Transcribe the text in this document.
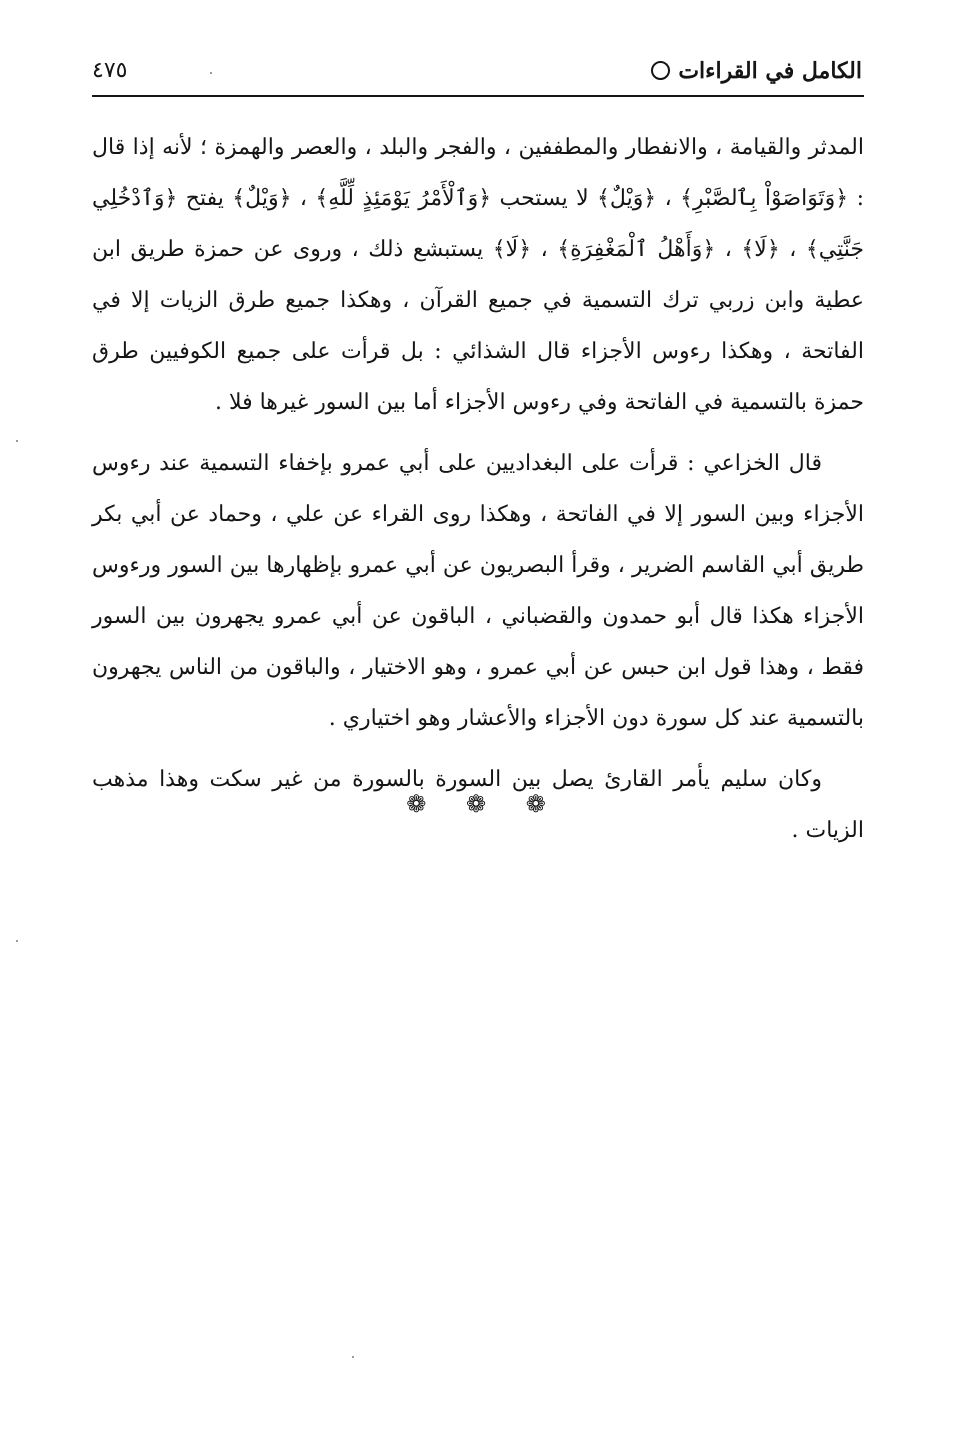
الكامل في القراءات
٤٧٥

المدثر والقيامة ، والانفطار والمطففين ، والفجر والبلد ، والعصر والهمزة ؛ لأنه إذا قال : ﴿وَتَوَاصَوْاْ بِٱلصَّبْرِ﴾ ، ﴿وَيْلٌ﴾ لا يستحب ﴿وَٱلْأَمْرُ يَوْمَئِذٍ لِّلَّهِ﴾ ، ﴿وَيْلٌ﴾ يفتح ﴿وَٱدْخُلِي جَنَّتِي﴾ ، ﴿لَا﴾ ، ﴿وَأَهْلُ ٱلْمَغْفِرَةِ﴾ ، ﴿لَا﴾ يستبشع ذلك ، وروى عن حمزة طريق ابن عطية وابن زربي ترك التسمية في جميع القرآن ، وهكذا جميع طرق الزيات إلا في الفاتحة ، وهكذا رءوس الأجزاء قال الشذائي : بل قرأت على جميع الكوفيين طرق حمزة بالتسمية في الفاتحة وفي رءوس الأجزاء أما بين السور غيرها فلا .

قال الخزاعي : قرأت على البغداديين على أبي عمرو بإخفاء التسمية عند رءوس الأجزاء وبين السور إلا في الفاتحة ، وهكذا روى القراء عن علي ، وحماد عن أبي بكر طريق أبي القاسم الضرير ، وقرأ البصريون عن أبي عمرو بإظهارها بين السور ورءوس الأجزاء هكذا قال أبو حمدون والقضباني ، الباقون عن أبي عمرو يجهرون بين السور فقط ، وهذا قول ابن حبس عن أبي عمرو ، وهو الاختيار ، والباقون من الناس يجهرون بالتسمية عند كل سورة دون الأجزاء والأعشار وهو اختياري .

وكان سليم يأمر القارئ يصل بين السورة بالسورة من غير سكت وهذا مذهب الزيات .

❁ ❁ ❁
